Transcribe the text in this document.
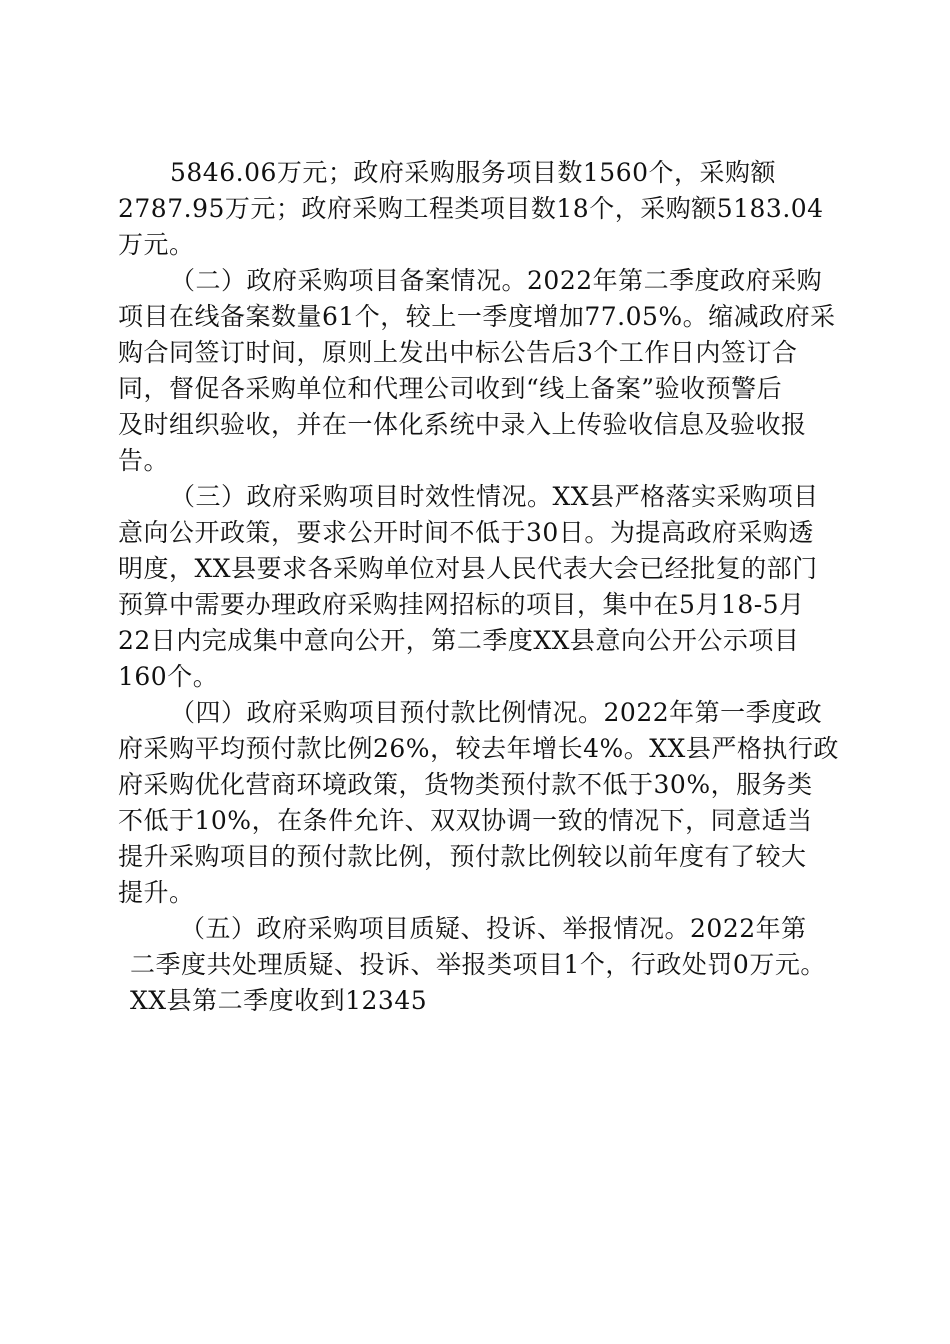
5846.06万元；政府采购服务项目数1560个，采购额
2787.95万元；政府采购工程类项目数18个，采购额5183.04
万元。
（二）政府采购项目备案情况。2022年第二季度政府采购
项目在线备案数量61个，较上一季度增加77.05%。缩减政府采
购合同签订时间，原则上发出中标公告后3个工作日内签订合
同，督促各采购单位和代理公司收到“线上备案”验收预警后
及时组织验收，并在一体化系统中录入上传验收信息及验收报
告。
（三）政府采购项目时效性情况。XX县严格落实采购项目
意向公开政策，要求公开时间不低于30日。为提高政府采购透
明度，XX县要求各采购单位对县人民代表大会已经批复的部门
预算中需要办理政府采购挂网招标的项目，集中在5月18-5月
22日内完成集中意向公开，第二季度XX县意向公开公示项目
160个。
（四）政府采购项目预付款比例情况。2022年第一季度政
府采购平均预付款比例26%，较去年增长4%。XX县严格执行政
府采购优化营商环境政策，货物类预付款不低于30%，服务类
不低于10%，在条件允许、双双协调一致的情况下，同意适当
提升采购项目的预付款比例，预付款比例较以前年度有了较大
提升。
（五）政府采购项目质疑、投诉、举报情况。2022年第
二季度共处理质疑、投诉、举报类项目1个，行政处罚0万元。
XX县第二季度收到12345
